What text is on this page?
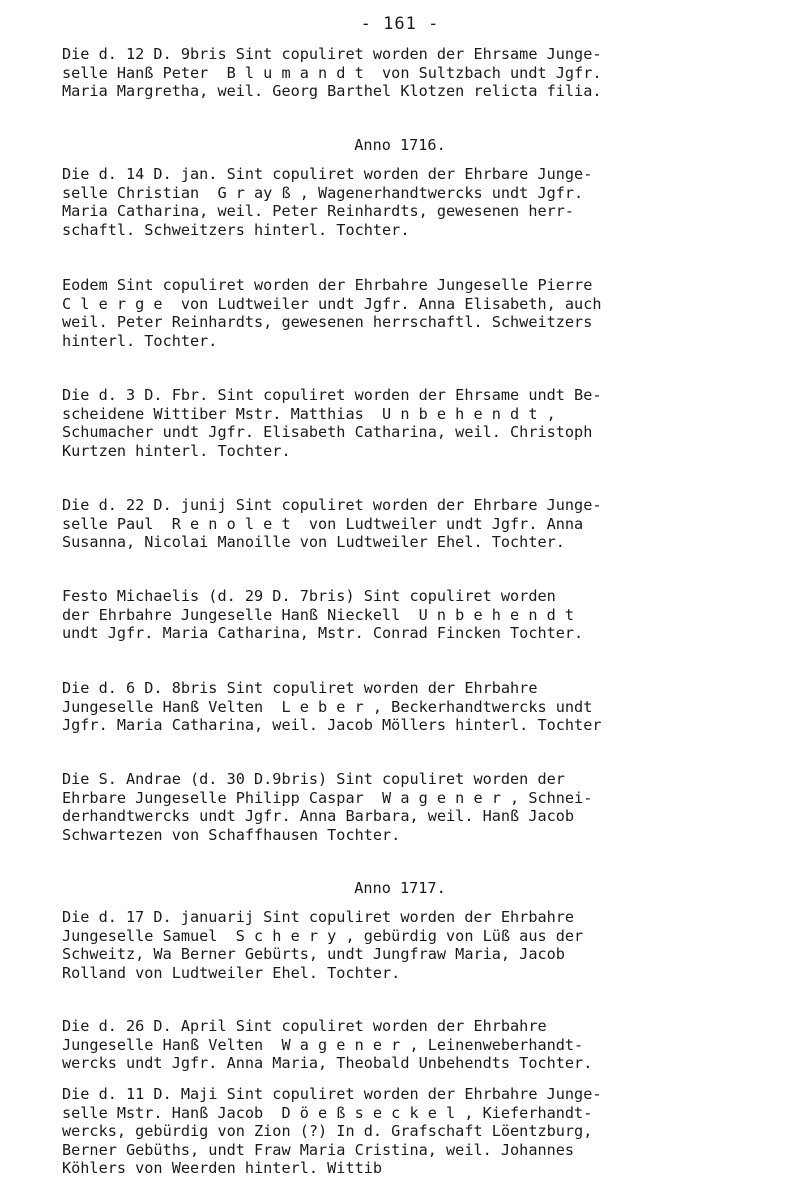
- 161 -
Die d. 12 D. 9bris Sint copuliret worden der Ehrsame Junge-
selle Hanß Peter  B l u m a n d t  von Sultzbach undt Jgfr.
Maria Margretha, weil. Georg Barthel Klotzen relicta filia.
Anno 1716.
Die d. 14 D. jan. Sint copuliret worden der Ehrbare Junge-
selle Christian  G r ay ß , Wagenerhandtwercks undt Jgfr.
Maria Catharina, weil. Peter Reinhardts, gewesenen herr-
schaftl. Schweitzers hinterl. Tochter.
Eodem Sint copuliret worden der Ehrbahre Jungeselle Pierre
C l e r g e  von Ludtweiler undt Jgfr. Anna Elisabeth, auch
weil. Peter Reinhardts, gewesenen herrschaftl. Schweitzers
hinterl. Tochter.
Die d. 3 D. Fbr. Sint copuliret worden der Ehrsame undt Be-
scheidene Wittiber Mstr. Matthias  U n b e h e n d t ,
Schumacher undt Jgfr. Elisabeth Catharina, weil. Christoph
Kurtzen hinterl. Tochter.
Die d. 22 D. junij Sint copuliret worden der Ehrbare Junge-
selle Paul  R e n o l e t  von Ludtweiler undt Jgfr. Anna
Susanna, Nicolai Manoille von Ludtweiler Ehel. Tochter.
Festo Michaelis (d. 29 D. 7bris) Sint copuliret worden
der Ehrbahre Jungeselle Hanß Nieckell  U n b e h e n d t
undt Jgfr. Maria Catharina, Mstr. Conrad Fincken Tochter.
Die d. 6 D. 8bris Sint copuliret worden der Ehrbahre
Jungeselle Hanß Velten  L e b e r , Beckerhandtwercks undt
Jgfr. Maria Catharina, weil. Jacob Möllers hinterl. Tochter
Die S. Andrae (d. 30 D.9bris) Sint copuliret worden der
Ehrbare Jungeselle Philipp Caspar  W a g e n e r , Schnei-
derhandtwercks undt Jgfr. Anna Barbara, weil. Hanß Jacob
Schwartezen von Schaffhausen Tochter.
Anno 1717.
Die d. 17 D. januarij Sint copuliret worden der Ehrbahre
Jungeselle Samuel  S c h e r y , gebürdig von Lüß aus der
Schweitz, Wa Berner Gebürts, undt Jungfraw Maria, Jacob
Rolland von Ludtweiler Ehel. Tochter.
Die d. 26 D. April Sint copuliret worden der Ehrbahre
Jungeselle Hanß Velten  W a g e n e r , Leinenweberhandt-
wercks undt Jgfr. Anna Maria, Theobald Unbehendts Tochter.
Die d. 11 D. Maji Sint copuliret worden der Ehrbahre Junge-
selle Mstr. Hanß Jacob  D ö e ß s e c k e l , Kieferhandt-
wercks, gebürdig von Zion (?) In d. Grafschaft Löentzburg,
Berner Gebüths, undt Fraw Maria Cristina, weil. Johannes
Köhlers von Weerden hinterl. Wittib
